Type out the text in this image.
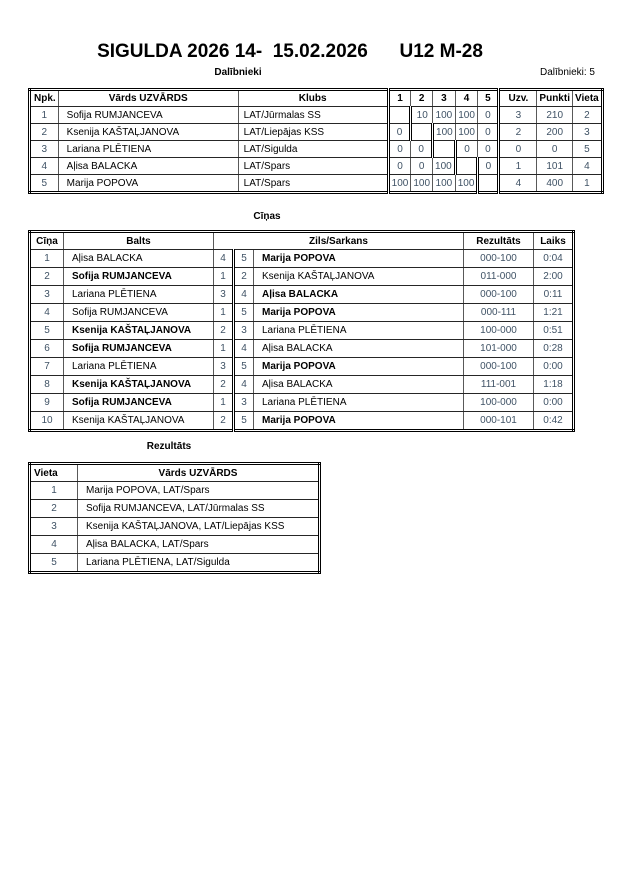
SIGULDA 2026 14-  15.02.2026      U12 M-28
Dalībnieki	Dalībnieki: 5
Npk.	Vārds UZVĀRDS	Klubs	1	2	3	4	5	Uzv.	Punkti	Vieta
1	Sofija RUMJANCEVA	LAT/Jūrmalas SS		10	100	100	0	3	210	2
2	Ksenija KAŠTAĻJANOVA	LAT/Liepājas KSS	0		100	100	0	2	200	3
3	Lariana PLĒTIENA	LAT/Sigulda	0	0		0	0	0	0	5
4	Aļisa BALACKA	LAT/Spars	0	0	100		0	1	101	4
5	Marija POPOVA	LAT/Spars	100	100	100	100		4	400	1
Cīņas
Cīņa	Balts	Zils/Sarkans			Rezultāts	Laiks
1	Aļisa BALACKA	4	5	Marija POPOVA	000-100	0:04
2	Sofija RUMJANCEVA	1	2	Ksenija KAŠTAĻJANOVA	011-000	2:00
3	Lariana PLĒTIENA	3	4	Aļisa BALACKA	000-100	0:11
4	Sofija RUMJANCEVA	1	5	Marija POPOVA	000-111	1:21
5	Ksenija KAŠTAĻJANOVA	2	3	Lariana PLĒTIENA	100-000	0:51
6	Sofija RUMJANCEVA	1	4	Aļisa BALACKA	101-000	0:28
7	Lariana PLĒTIENA	3	5	Marija POPOVA	000-100	0:00
8	Ksenija KAŠTAĻJANOVA	2	4	Aļisa BALACKA	111-001	1:18
9	Sofija RUMJANCEVA	1	3	Lariana PLĒTIENA	100-000	0:00
10	Ksenija KAŠTAĻJANOVA	2	5	Marija POPOVA	000-101	0:42
Rezultāts
Vieta	Vārds UZVĀRDS
1	Marija POPOVA, LAT/Spars
2	Sofija RUMJANCEVA, LAT/Jūrmalas SS
3	Ksenija KAŠTAĻJANOVA, LAT/Liepājas KSS
4	Aļisa BALACKA, LAT/Spars
5	Lariana PLĒTIENA, LAT/Sigulda
